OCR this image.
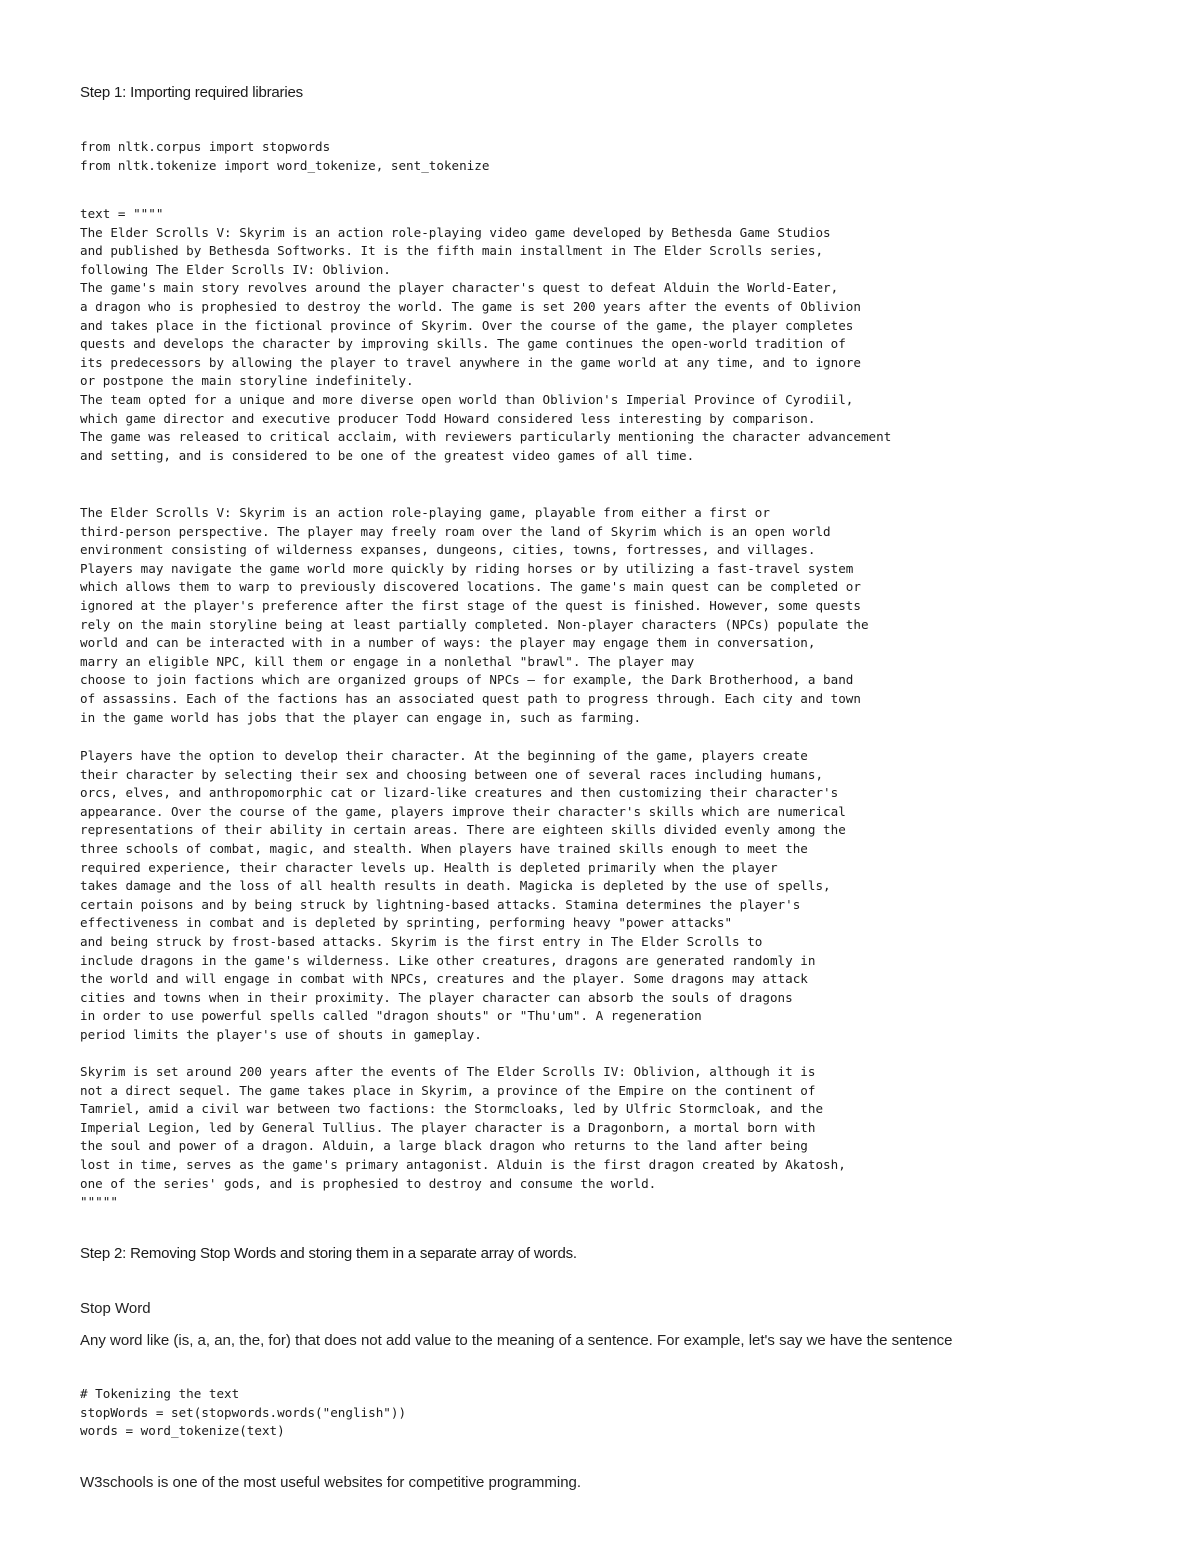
Step 1: Importing required libraries
from nltk.corpus import stopwords
from nltk.tokenize import word_tokenize, sent_tokenize
text = """"
The Elder Scrolls V: Skyrim is an action role-playing video game developed by Bethesda Game Studios
and published by Bethesda Softworks. It is the fifth main installment in The Elder Scrolls series,
following The Elder Scrolls IV: Oblivion.
The game's main story revolves around the player character's quest to defeat Alduin the World-Eater,
a dragon who is prophesied to destroy the world. The game is set 200 years after the events of Oblivion
and takes place in the fictional province of Skyrim. Over the course of the game, the player completes
quests and develops the character by improving skills. The game continues the open-world tradition of
its predecessors by allowing the player to travel anywhere in the game world at any time, and to ignore
or postpone the main storyline indefinitely.
The team opted for a unique and more diverse open world than Oblivion's Imperial Province of Cyrodiil,
which game director and executive producer Todd Howard considered less interesting by comparison.
The game was released to critical acclaim, with reviewers particularly mentioning the character advancement
and setting, and is considered to be one of the greatest video games of all time.
The Elder Scrolls V: Skyrim is an action role-playing game, playable from either a first or
third-person perspective. The player may freely roam over the land of Skyrim which is an open world
environment consisting of wilderness expanses, dungeons, cities, towns, fortresses, and villages.
Players may navigate the game world more quickly by riding horses or by utilizing a fast-travel system
which allows them to warp to previously discovered locations. The game's main quest can be completed or
ignored at the player's preference after the first stage of the quest is finished. However, some quests
rely on the main storyline being at least partially completed. Non-player characters (NPCs) populate the
world and can be interacted with in a number of ways: the player may engage them in conversation,
marry an eligible NPC, kill them or engage in a nonlethal "brawl". The player may
choose to join factions which are organized groups of NPCs — for example, the Dark Brotherhood, a band
of assassins. Each of the factions has an associated quest path to progress through. Each city and town
in the game world has jobs that the player can engage in, such as farming.
Players have the option to develop their character. At the beginning of the game, players create
their character by selecting their sex and choosing between one of several races including humans,
orcs, elves, and anthropomorphic cat or lizard-like creatures and then customizing their character's
appearance. Over the course of the game, players improve their character's skills which are numerical
representations of their ability in certain areas. There are eighteen skills divided evenly among the
three schools of combat, magic, and stealth. When players have trained skills enough to meet the
required experience, their character levels up. Health is depleted primarily when the player
takes damage and the loss of all health results in death. Magicka is depleted by the use of spells,
certain poisons and by being struck by lightning-based attacks. Stamina determines the player's
effectiveness in combat and is depleted by sprinting, performing heavy "power attacks"
and being struck by frost-based attacks. Skyrim is the first entry in The Elder Scrolls to
include dragons in the game's wilderness. Like other creatures, dragons are generated randomly in
the world and will engage in combat with NPCs, creatures and the player. Some dragons may attack
cities and towns when in their proximity. The player character can absorb the souls of dragons
in order to use powerful spells called "dragon shouts" or "Thu'um". A regeneration
period limits the player's use of shouts in gameplay.
Skyrim is set around 200 years after the events of The Elder Scrolls IV: Oblivion, although it is
not a direct sequel. The game takes place in Skyrim, a province of the Empire on the continent of
Tamriel, amid a civil war between two factions: the Stormcloaks, led by Ulfric Stormcloak, and the
Imperial Legion, led by General Tullius. The player character is a Dragonborn, a mortal born with
the soul and power of a dragon. Alduin, a large black dragon who returns to the land after being
lost in time, serves as the game's primary antagonist. Alduin is the first dragon created by Akatosh,
one of the series' gods, and is prophesied to destroy and consume the world.
"""""
Step 2: Removing Stop Words and storing them in a separate array of words.

Stop Word

Any word like (is, a, an, the, for) that does not add value to the meaning of a sentence. For example, let's say we have the sentence

# Tokenizing the text
stopWords = set(stopwords.words("english"))
words = word_tokenize(text)

W3schools is one of the most useful websites for competitive programming.
